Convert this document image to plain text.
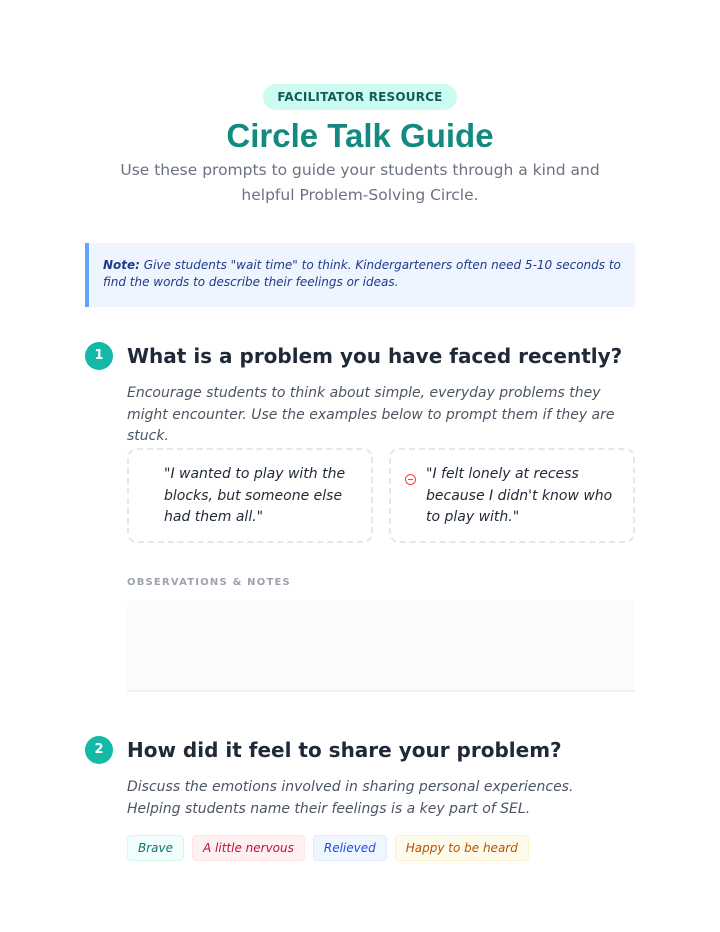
FACILITATOR RESOURCE
Circle Talk Guide

Use these prompts to guide your students through a kind and helpful Problem-Solving Circle.

Note: Give students "wait time" to think. Kindergarteners often need 5-10 seconds to find the words to describe their feelings or ideas.
1	What is a problem you have faced recently?
Encourage students to think about simple, everyday problems they might encounter. Use the examples below to prompt them if they are stuck.
"I wanted to play with the blocks, but someone else had them all."
"I felt lonely at recess because I didn't know who to play with."
OBSERVATIONS & NOTES
2	How did it feel to share your problem?
Discuss the emotions involved in sharing personal experiences. Helping students name their feelings is a key part of SEL.
Brave	A little nervous	Relieved	Happy to be heard
